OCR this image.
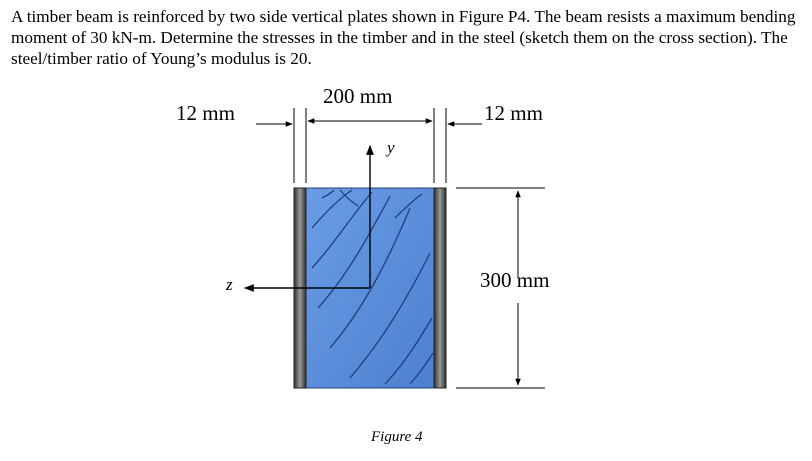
A timber beam is reinforced by two side vertical plates shown in Figure P4. The beam resists a maximum bending moment of 30 kN-m. Determine the stresses in the timber and in the steel (sketch them on the cross section). The steel/timber ratio of Young’s modulus is 20.

12 mm
200 mm
12 mm
300 mm
y
z
Figure 4
